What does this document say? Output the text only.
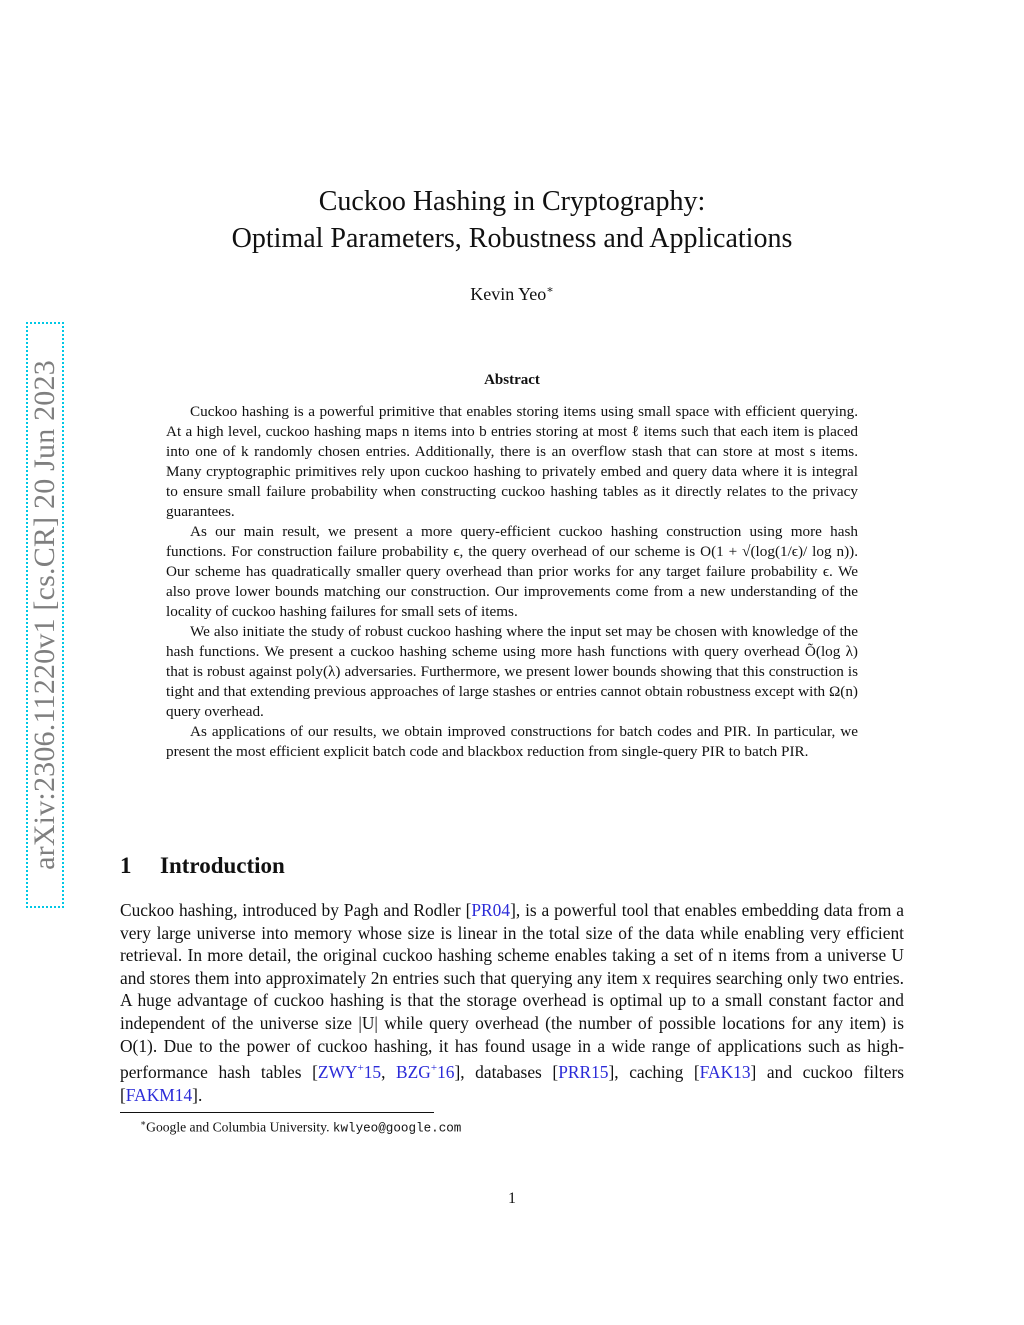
arXiv:2306.11220v1 [cs.CR] 20 Jun 2023
Cuckoo Hashing in Cryptography:
Optimal Parameters, Robustness and Applications
Kevin Yeo∗
Abstract

Cuckoo hashing is a powerful primitive that enables storing items using small space with efficient querying. At a high level, cuckoo hashing maps n items into b entries storing at most ℓ items such that each item is placed into one of k randomly chosen entries. Additionally, there is an overflow stash that can store at most s items. Many cryptographic primitives rely upon cuckoo hashing to privately embed and query data where it is integral to ensure small failure probability when constructing cuckoo hashing tables as it directly relates to the privacy guarantees.

As our main result, we present a more query-efficient cuckoo hashing construction using more hash functions. For construction failure probability ϵ, the query overhead of our scheme is O(1 + √(log(1/ϵ)/ log n)). Our scheme has quadratically smaller query overhead than prior works for any target failure probability ϵ. We also prove lower bounds matching our construction. Our improvements come from a new understanding of the locality of cuckoo hashing failures for small sets of items.

We also initiate the study of robust cuckoo hashing where the input set may be chosen with knowledge of the hash functions. We present a cuckoo hashing scheme using more hash functions with query overhead Õ(log λ) that is robust against poly(λ) adversaries. Furthermore, we present lower bounds showing that this construction is tight and that extending previous approaches of large stashes or entries cannot obtain robustness except with Ω(n) query overhead.

As applications of our results, we obtain improved constructions for batch codes and PIR. In particular, we present the most efficient explicit batch code and blackbox reduction from single-query PIR to batch PIR.

1 Introduction

Cuckoo hashing, introduced by Pagh and Rodler [PR04], is a powerful tool that enables embedding data from a very large universe into memory whose size is linear in the total size of the data while enabling very efficient retrieval. In more detail, the original cuckoo hashing scheme enables taking a set of n items from a universe U and stores them into approximately 2n entries such that querying any item x requires searching only two entries. A huge advantage of cuckoo hashing is that the storage overhead is optimal up to a small constant factor and independent of the universe size |U| while query overhead (the number of possible locations for any item) is O(1). Due to the power of cuckoo hashing, it has found usage in a wide range of applications such as high-performance hash tables [ZWY+15, BZG+16], databases [PRR15], caching [FAK13] and cuckoo filters [FAKM14].

∗Google and Columbia University. kwlyeo@google.com
1
